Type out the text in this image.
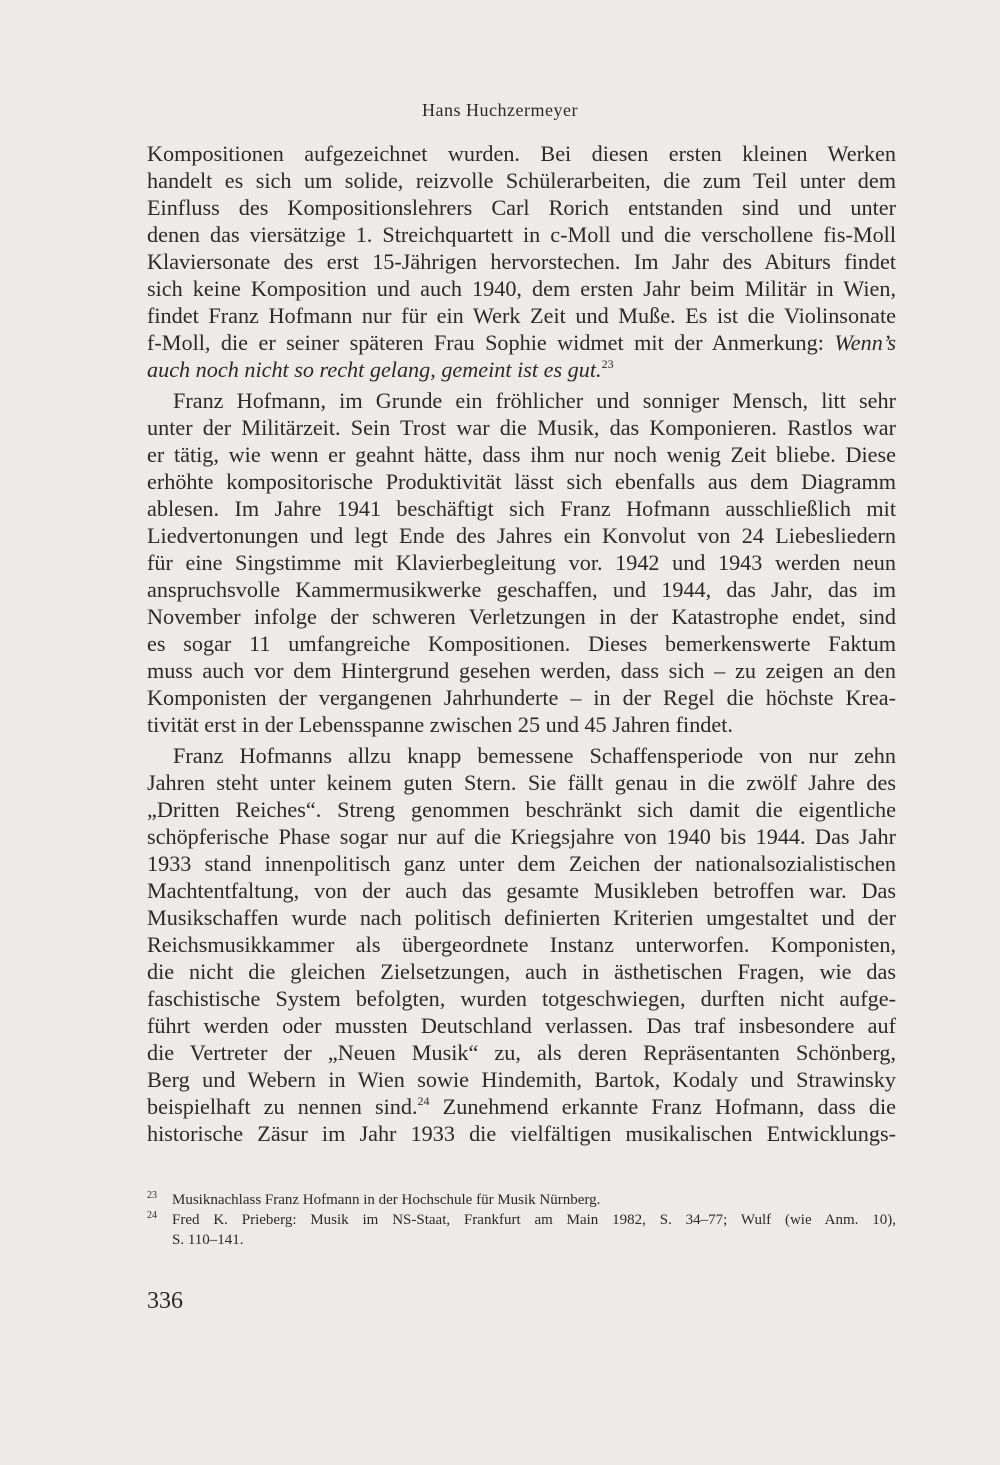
Hans Huchzermeyer
Kompositionen aufgezeichnet wurden. Bei diesen ersten kleinen Werken
handelt es sich um solide, reizvolle Schülerarbeiten, die zum Teil unter dem
Einfluss des Kompositionslehrers Carl Rorich entstanden sind und unter
denen das viersätzige 1. Streichquartett in c-Moll und die verschollene fis-Moll
Klaviersonate des erst 15-Jährigen hervorstechen. Im Jahr des Abiturs findet
sich keine Komposition und auch 1940, dem ersten Jahr beim Militär in Wien,
findet Franz Hofmann nur für ein Werk Zeit und Muße. Es ist die Violinsonate
f-Moll, die er seiner späteren Frau Sophie widmet mit der Anmerkung: Wenn’s
auch noch nicht so recht gelang, gemeint ist es gut.$^{23}$
Franz Hofmann, im Grunde ein fröhlicher und sonniger Mensch, litt sehr
unter der Militärzeit. Sein Trost war die Musik, das Komponieren. Rastlos war
er tätig, wie wenn er geahnt hätte, dass ihm nur noch wenig Zeit bliebe. Diese
erhöhte kompositorische Produktivität lässt sich ebenfalls aus dem Diagramm
ablesen. Im Jahre 1941 beschäftigt sich Franz Hofmann ausschließlich mit
Liedvertonungen und legt Ende des Jahres ein Konvolut von 24 Liebesliedern
für eine Singstimme mit Klavierbegleitung vor. 1942 und 1943 werden neun
anspruchsvolle Kammermusikwerke geschaffen, und 1944, das Jahr, das im
November infolge der schweren Verletzungen in der Katastrophe endet, sind
es sogar 11 umfangreiche Kompositionen. Dieses bemerkenswerte Faktum
muss auch vor dem Hintergrund gesehen werden, dass sich – zu zeigen an den
Komponisten der vergangenen Jahrhunderte – in der Regel die höchste Krea-
tivität erst in der Lebensspanne zwischen 25 und 45 Jahren findet.
Franz Hofmanns allzu knapp bemessene Schaffensperiode von nur zehn
Jahren steht unter keinem guten Stern. Sie fällt genau in die zwölf Jahre des
„Dritten Reiches“. Streng genommen beschränkt sich damit die eigentliche
schöpferische Phase sogar nur auf die Kriegsjahre von 1940 bis 1944. Das Jahr
1933 stand innenpolitisch ganz unter dem Zeichen der nationalsozialistischen
Machtentfaltung, von der auch das gesamte Musikleben betroffen war. Das
Musikschaffen wurde nach politisch definierten Kriterien umgestaltet und der
Reichsmusikkammer als übergeordnete Instanz unterworfen. Komponisten,
die nicht die gleichen Zielsetzungen, auch in ästhetischen Fragen, wie das
faschistische System befolgten, wurden totgeschwiegen, durften nicht aufge-
führt werden oder mussten Deutschland verlassen. Das traf insbesondere auf
die Vertreter der „Neuen Musik“ zu, als deren Repräsentanten Schönberg,
Berg und Webern in Wien sowie Hindemith, Bartok, Kodaly und Strawinsky
beispielhaft zu nennen sind.$^{24}$ Zunehmend erkannte Franz Hofmann, dass die
historische Zäsur im Jahr 1933 die vielfältigen musikalischen Entwicklungs-
23	Musiknachlass Franz Hofmann in der Hochschule für Musik Nürnberg.
24	Fred K. Prieberg: Musik im NS-Staat, Frankfurt am Main 1982, S. 34–77; Wulf (wie Anm. 10),
S. 110–141.
336
